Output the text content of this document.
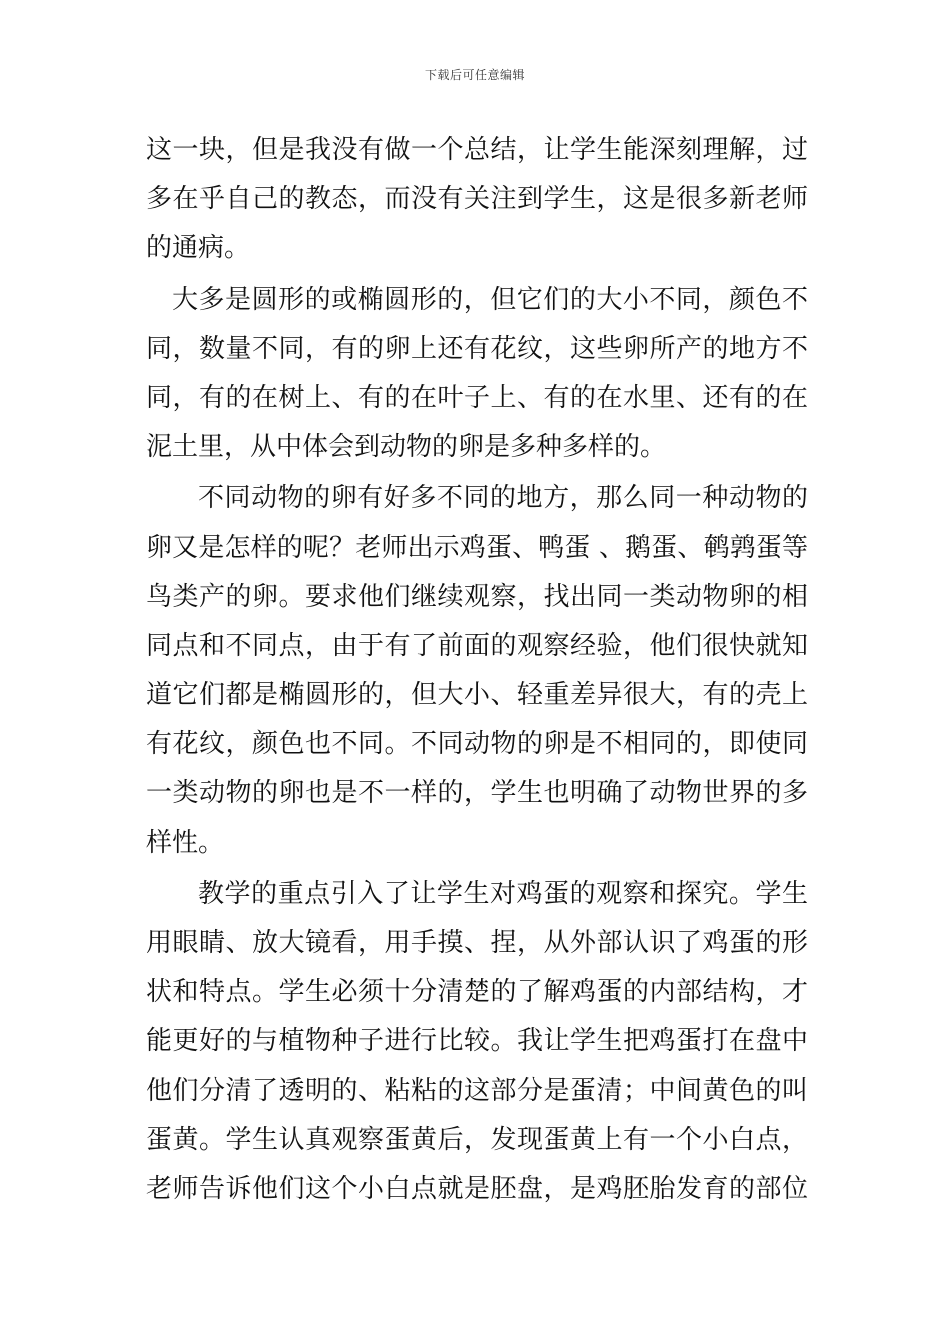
下载后可任意编辑
这一块，但是我没有做一个总结，让学生能深刻理解，过
多在乎自己的教态，而没有关注到学生，这是很多新老师
的通病。
大多是圆形的或椭圆形的，但它们的大小不同，颜色不
同，数量不同，有的卵上还有花纹，这些卵所产的地方不
同，有的在树上、有的在叶子上、有的在水里、还有的在
泥土里，从中体会到动物的卵是多种多样的。
不同动物的卵有好多不同的地方，那么同一种动物的
卵又是怎样的呢？老师出示鸡蛋、鸭蛋 、鹅蛋、鹌鹑蛋等
鸟类产的卵。要求他们继续观察，找出同一类动物卵的相
同点和不同点，由于有了前面的观察经验，他们很快就知
道它们都是椭圆形的，但大小、轻重差异很大，有的壳上
有花纹，颜色也不同。不同动物的卵是不相同的，即使同
一类动物的卵也是不一样的，学生也明确了动物世界的多
样性。
教学的重点引入了让学生对鸡蛋的观察和探究。学生
用眼睛、放大镜看，用手摸、捏，从外部认识了鸡蛋的形
状和特点。学生必须十分清楚的了解鸡蛋的内部结构，才
能更好的与植物种子进行比较。我让学生把鸡蛋打在盘中
他们分清了透明的、粘粘的这部分是蛋清；中间黄色的叫
蛋黄。学生认真观察蛋黄后，发现蛋黄上有一个小白点，
老师告诉他们这个小白点就是胚盘，是鸡胚胎发育的部位
